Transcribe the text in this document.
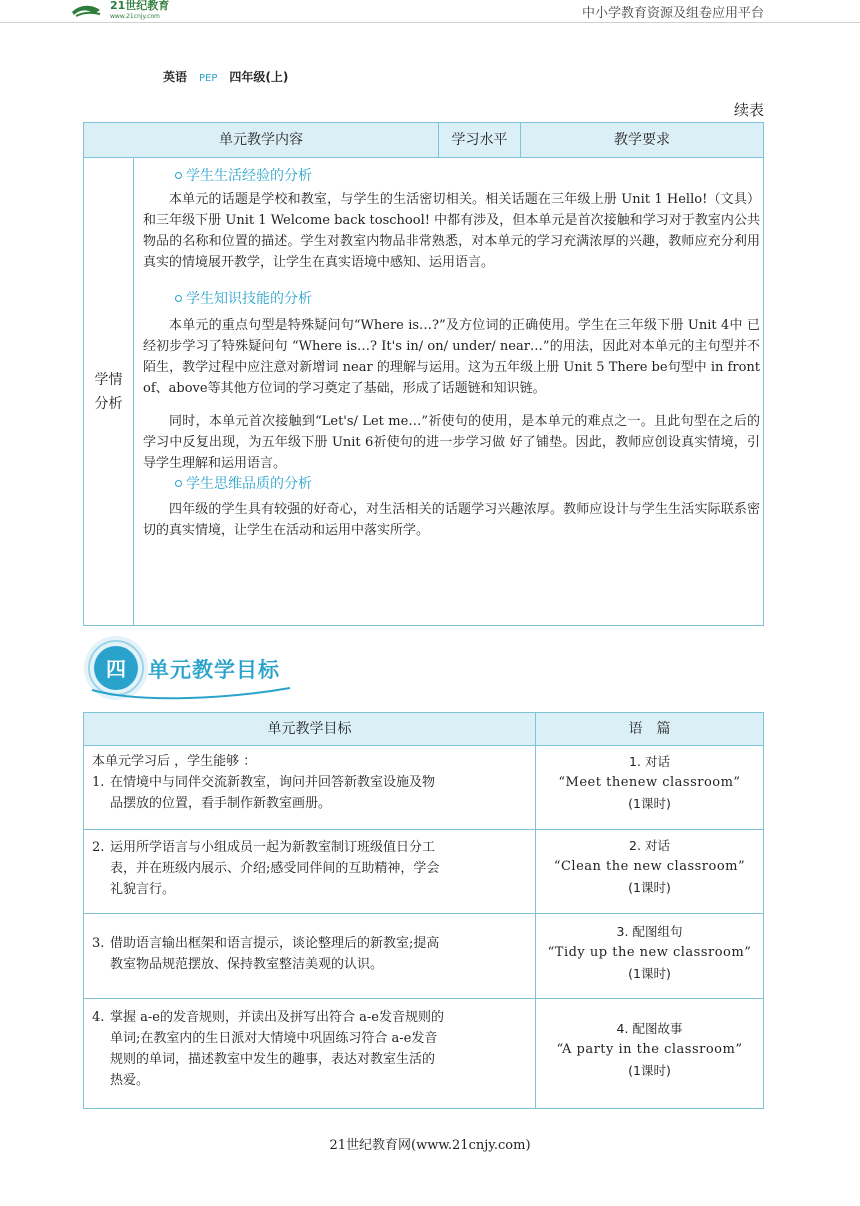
21世纪教育
www.21cnjy.com	中小学教育资源及组卷应用平台
英语 PEP 四年级(上)
续表
单元教学内容	学习水平	教学要求
学情
分析
学生生活经验的分析
本单元的话题是学校和教室，与学生的生活密切相关。相关话题在三年级上册 Unit 1 Hello!（文具）和三年级下册 Unit 1 Welcome back toschool! 中都有涉及，但本单元是首次接触和学习对于教室内公共物品的名称和位置的描述。学生对教室内物品非常熟悉，对本单元的学习充满浓厚的兴趣，教师应充分利用真实的情境展开教学，让学生在真实语境中感知、运用语言。
学生知识技能的分析
本单元的重点句型是特殊疑问句“Where is…?”及方位词的正确使用。学生在三年级下册 Unit 4中 已经初步学习了特殊疑问句 “Where is…? It's in/ on/ under/ near…”的用法，因此对本单元的主句型并不陌生，教学过程中应注意对新增词 near 的理解与运用。这为五年级上册 Unit 5 There be句型中 in front of、above等其他方位词的学习奠定了基础，形成了话题链和知识链。
同时，本单元首次接触到“Let's/ Let me…”祈使句的使用，是本单元的难点之一。且此句型在之后的学习中反复出现，为五年级下册 Unit 6祈使句的进一步学习做 好了铺垫。因此，教师应创设真实情境，引导学生理解和运用语言。
学生思维品质的分析
四年级的学生具有较强的好奇心，对生活相关的话题学习兴趣浓厚。教师应设计与学生生活实际联系密切的真实情境，让学生在活动和运用中落实所学。
四 单元教学目标
单元教学目标	语　篇
本单元学习后 ，学生能够 ：
1. 在情境中与同伴交流新教室，询问并回答新教室设施及物
品摆放的位置，看手制作新教室画册。
1. 对话
“Meet thenew classroom”
(1课时)
2. 运用所学语言与小组成员一起为新教室制订班级值日分工
表，并在班级内展示、介绍;感受同伴间的互助精神，学会
礼貌言行。
2. 对话
“Clean the new classroom”
(1课时)
3. 借助语言输出框架和语言提示，谈论整理后的新教室;提高
教室物品规范摆放、保持教室整洁美观的认识。
3. 配图组句
“Tidy up the new classroom”
(1课时)
4. 掌握 a-e的发音规则，并读出及拼写出符合 a-e发音规则的
单词;在教室内的生日派对大情境中巩固练习符合 a-e发音
规则的单词，描述教室中发生的趣事，表达对教室生活的
热爱。
4. 配图故事
“A party in the classroom”
(1课时)
21世纪教育网(www.21cnjy.com)
